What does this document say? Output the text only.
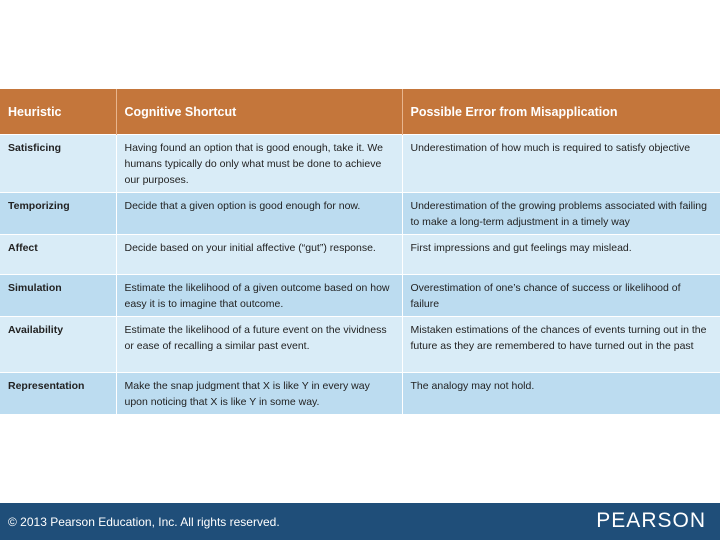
Heuristic	Cognitive Shortcut	Possible Error from Misapplication
Satisficing	Having found an option that is good enough, take it. We humans typically do only what must be done to achieve our purposes.	Underestimation of how much is required to satisfy objective
Temporizing	Decide that a given option is good enough for now.	Underestimation of the growing problems associated with failing to make a long-term adjustment in a timely way
Affect	Decide based on your initial affective (“gut”) response.	First impressions and gut feelings may mislead.
Simulation	Estimate the likelihood of a given outcome based on how easy it is to imagine that outcome.	Overestimation of one’s chance of success or likelihood of failure
Availability	Estimate the likelihood of a future event on the vividness or ease of recalling a similar past event.	Mistaken estimations of the chances of events turning out in the future as they are remembered to have turned out in the past
Representation	Make the snap judgment that X is like Y in every way upon noticing that X is like Y in some way.	The analogy may not hold.
© 2013 Pearson Education, Inc. All rights reserved.	PEARSON
